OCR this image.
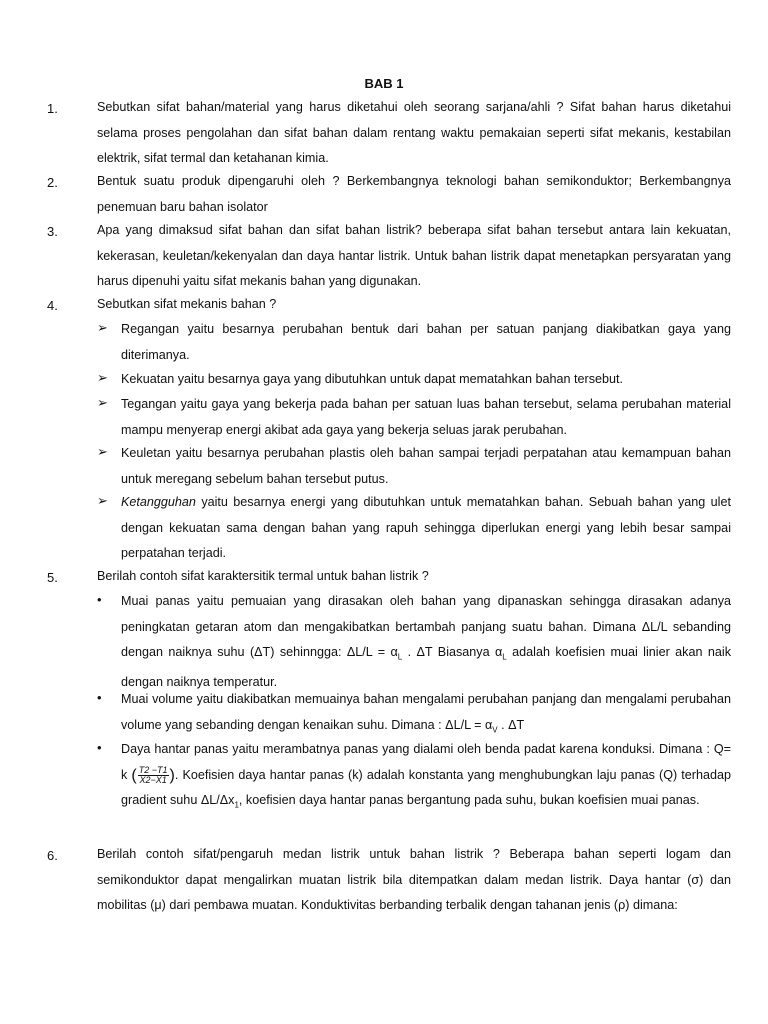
BAB 1
1.	Sebutkan sifat bahan/material yang harus diketahui oleh seorang sarjana/ahli ? Sifat bahan harus diketahui selama proses pengolahan dan sifat bahan dalam rentang waktu pemakaian seperti sifat mekanis, kestabilan elektrik, sifat termal dan ketahanan kimia.
2.	Bentuk suatu produk dipengaruhi oleh ? Berkembangnya teknologi bahan semikonduktor; Berkembangnya penemuan baru bahan isolator
3.	Apa yang dimaksud sifat bahan dan sifat bahan listrik? beberapa sifat bahan tersebut antara lain kekuatan, kekerasan, keuletan/kekenyalan dan daya hantar listrik. Untuk bahan listrik dapat menetapkan persyaratan yang harus dipenuhi yaitu sifat mekanis bahan yang digunakan.
4.	Sebutkan sifat mekanis bahan ?
➢ Regangan yaitu besarnya perubahan bentuk dari bahan per satuan panjang diakibatkan gaya yang diterimanya.
➢ Kekuatan yaitu besarnya gaya yang dibutuhkan untuk dapat mematahkan bahan tersebut.
➢ Tegangan yaitu gaya yang bekerja pada bahan per satuan luas bahan tersebut, selama perubahan material mampu menyerap energi akibat ada gaya yang bekerja seluas jarak perubahan.
➢ Keuletan yaitu besarnya perubahan plastis oleh bahan sampai terjadi perpatahan atau kemampuan bahan untuk meregang sebelum bahan tersebut putus.
➢ Ketangguhan yaitu besarnya energi yang dibutuhkan untuk mematahkan bahan. Sebuah bahan yang ulet dengan kekuatan sama dengan bahan yang rapuh sehingga diperlukan energi yang lebih besar sampai perpatahan terjadi.
5.	Berilah contoh sifat karaktersitik termal untuk bahan listrik ?
• Muai panas yaitu pemuaian yang dirasakan oleh bahan yang dipanaskan sehingga dirasakan adanya peningkatan getaran atom dan mengakibatkan bertambah panjang suatu bahan. Dimana ΔL/L sebanding dengan naiknya suhu (ΔT) sehinngga: $\Delta L/L = \alpha_L$ . ΔT Biasanya $\alpha_L$ adalah koefisien muai linier akan naik dengan naiknya temperatur.
• Muai volume yaitu diakibatkan memuainya bahan mengalami perubahan panjang dan mengalami perubahan volume yang sebanding dengan kenaikan suhu. Dimana : $\Delta L/L = \alpha_V$ . ΔT
• Daya hantar panas yaitu merambatnya panas yang dialami oleh benda padat karena konduksi. Dimana : Q= k ( $\frac{T2 -T1}{X2-X1}$ ). Koefisien daya hantar panas (k) adalah konstanta yang menghubungkan laju panas (Q) terhadap gradient suhu $\Delta L/\Delta x_1$, koefisien daya hantar panas bergantung pada suhu, bukan koefisien muai panas.
6.	Berilah contoh sifat/pengaruh medan listrik untuk bahan listrik ? Beberapa bahan seperti logam dan semikonduktor dapat mengalirkan muatan listrik bila ditempatkan dalam medan listrik. Daya hantar (σ) dan mobilitas (μ) dari pembawa muatan. Konduktivitas berbanding terbalik dengan tahanan jenis (ρ) dimana:
